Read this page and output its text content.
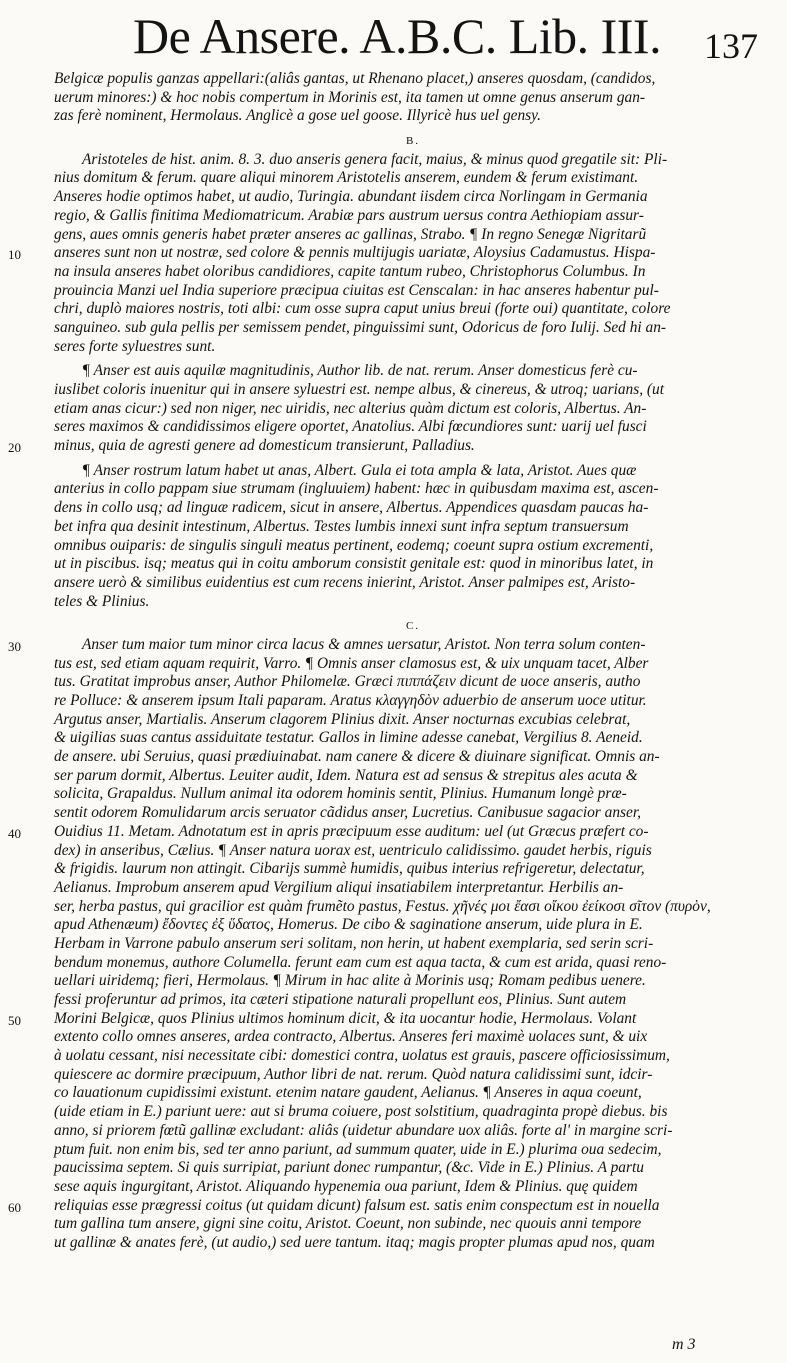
De Ansere. A.B.C. Lib. III. 137
Belgicæ populis ganzas appellari:(aliâs gantas, ut Rhenano placet,) anseres quosdam, (candidos,
uerum minores:) & hoc nobis compertum in Morinis est, ita tamen ut omne genus anserum gan-
zas ferè nominent, Hermolaus. Anglicè a gose uel goose. Illyricè hus uel gensy.
B.
Aristoteles de hist. anim. 8. 3. duo anseris genera facit, maius, & minus quod gregatile sit: Pli-
nius domitum & ferum. quare aliqui minorem Aristotelis anserem, eundem & ferum existimant.
Anseres hodie optimos habet, ut audio, Turingia. abundant iisdem circa Norlingam in Germania
regio, & Gallis finitima Mediomatricum. Arabiæ pars austrum uersus contra Aethiopiam assur-
gens, aues omnis generis habet præter anseres ac gallinas, Strabo. ¶ In regno Senegæ Nigritarũ
anseres sunt non ut nostræ, sed colore & pennis multijugis uariatæ, Aloysius Cadamustus. Hispa-
na insula anseres habet oloribus candidiores, capite tantum rubeo, Christophorus Columbus. In
prouincia Manzi uel India superiore præcipua ciuitas est Censcalan: in hac anseres habentur pul-
chri, duplò maiores nostris, toti albi: cum osse supra caput unius breui (forte oui) quantitate, colore
sanguineo. sub gula pellis per semissem pendet, pinguissimi sunt, Odoricus de foro Iulij. Sed hi an-
seres forte syluestres sunt.
¶ Anser est auis aquilæ magnitudinis, Author lib. de nat. rerum. Anser domesticus ferè cu-
iuslibet coloris inuenitur qui in ansere syluestri est. nempe albus, & cinereus, & utroq; uarians, (ut
etiam anas cicur:) sed non niger, nec uiridis, nec alterius quàm dictum est coloris, Albertus. An-
seres maximos & candidissimos eligere oportet, Anatolius. Albi fœcundiores sunt: uarij uel fusci
minus, quia de agresti genere ad domesticum transierunt, Palladius.
¶ Anser rostrum latum habet ut anas, Albert. Gula ei tota ampla & lata, Aristot. Aues quæ
anterius in collo pappam siue strumam (ingluuiem) habent: hæc in quibusdam maxima est, ascen-
dens in collo usq; ad linguæ radicem, sicut in ansere, Albertus. Appendices quasdam paucas ha-
bet infra qua desinit intestinum, Albertus. Testes lumbis innexi sunt infra septum transuersum
omnibus ouiparis: de singulis singuli meatus pertinent, eodemq; coeunt supra ostium excrementi,
ut in piscibus. isq; meatus qui in coitu amborum consistit genitale est: quod in minoribus latet, in
ansere uerò & similibus euidentius est cum recens inierint, Aristot. Anser palmipes est, Aristo-
teles & Plinius.
C.
Anser tum maior tum minor circa lacus & amnes uersatur, Aristot. Non terra solum conten-
tus est, sed etiam aquam requirit, Varro. ¶ Omnis anser clamosus est, & uix unquam tacet, Alber
tus. Gratitat improbus anser, Author Philomelæ. Græci πιππάζειν dicunt de uoce anseris, autho
re Polluce: & anserem ipsum Itali paparam. Aratus κλαγγηδὸν aduerbio de anserum uoce utitur.
Argutus anser, Martialis. Anserum clagorem Plinius dixit. Anser nocturnas excubias celebrat,
& uigilias suas cantus assiduitate testatur. Gallos in limine adesse canebat, Vergilius 8. Aeneid.
de ansere. ubi Seruius, quasi prædiuinabat. nam canere & dicere & diuinare significat. Omnis an-
ser parum dormit, Albertus. Leuiter audit, Idem. Natura est ad sensus & strepitus ales acuta &
solicita, Grapaldus. Nullum animal ita odorem hominis sentit, Plinius. Humanum longè præ-
sentit odorem Romulidarum arcis seruator cãdidus anser, Lucretius. Canibusue sagacior anser,
Ouidius 11. Metam. Adnotatum est in apris præcipuum esse auditum: uel (ut Græcus præfert co-
dex) in anseribus, Cælius. ¶ Anser natura uorax est, uentriculo calidissimo. gaudet herbis, riguis
& frigidis. laurum non attingit. Cibarijs summè humidis, quibus interius refrigeretur, delectatur,
Aelianus. Improbum anserem apud Vergilium aliqui insatiabilem interpretantur. Herbilis an-
ser, herba pastus, qui gracilior est quàm frumẽto pastus, Festus. χῆνές μοι ἔασι οἴκου ἐείκοσι σῖτον (πυρὸν,
apud Athenæum) ἔδοντες ἐξ ὕδατος, Homerus. De cibo & saginatione anserum, uide plura in E.
Herbam in Varrone pabulo anserum seri solitam, non herin, ut habent exemplaria, sed serin scri-
bendum monemus, authore Columella. ferunt eam cum est aqua tacta, & cum est arida, quasi reno-
uellari uiridemq; fieri, Hermolaus. ¶ Mirum in hac alite à Morinis usq; Romam pedibus uenere.
fessi proferuntur ad primos, ita cæteri stipatione naturali propellunt eos, Plinius. Sunt autem
Morini Belgicæ, quos Plinius ultimos hominum dicit, & ita uocantur hodie, Hermolaus. Volant
extento collo omnes anseres, ardea contracto, Albertus. Anseres feri maximè uolaces sunt, & uix
à uolatu cessant, nisi necessitate cibi: domestici contra, uolatus est grauis, pascere officiosissimum,
quiescere ac dormire præcipuum, Author libri de nat. rerum. Quòd natura calidissimi sunt, idcir-
co lauationum cupidissimi existunt. etenim natare gaudent, Aelianus. ¶ Anseres in aqua coeunt,
(uide etiam in E.) pariunt uere: aut si bruma coiuere, post solstitium, quadraginta propè diebus. bis
anno, si priorem fœtũ gallinæ excludant: aliâs (uidetur abundare uox aliâs. forte al' in margine scri-
ptum fuit. non enim bis, sed ter anno pariunt, ad summum quater, uide in E.) plurima oua sedecim,
paucissima septem. Si quis surripiat, pariunt donec rumpantur, (&c. Vide in E.) Plinius. A partu
sese aquis ingurgitant, Aristot. Aliquando hypenemia oua pariunt, Idem & Plinius. quę quidem
reliquias esse prægressi coitus (ut quidam dicunt) falsum est. satis enim conspectum est in nouella
tum gallina tum ansere, gigni sine coitu, Aristot. Coeunt, non subinde, nec quouis anni tempore
ut gallinæ & anates ferè, (ut audio,) sed uere tantum. itaq; magis propter plumas apud nos, quam
10
20
30
40
50
60
m 3
